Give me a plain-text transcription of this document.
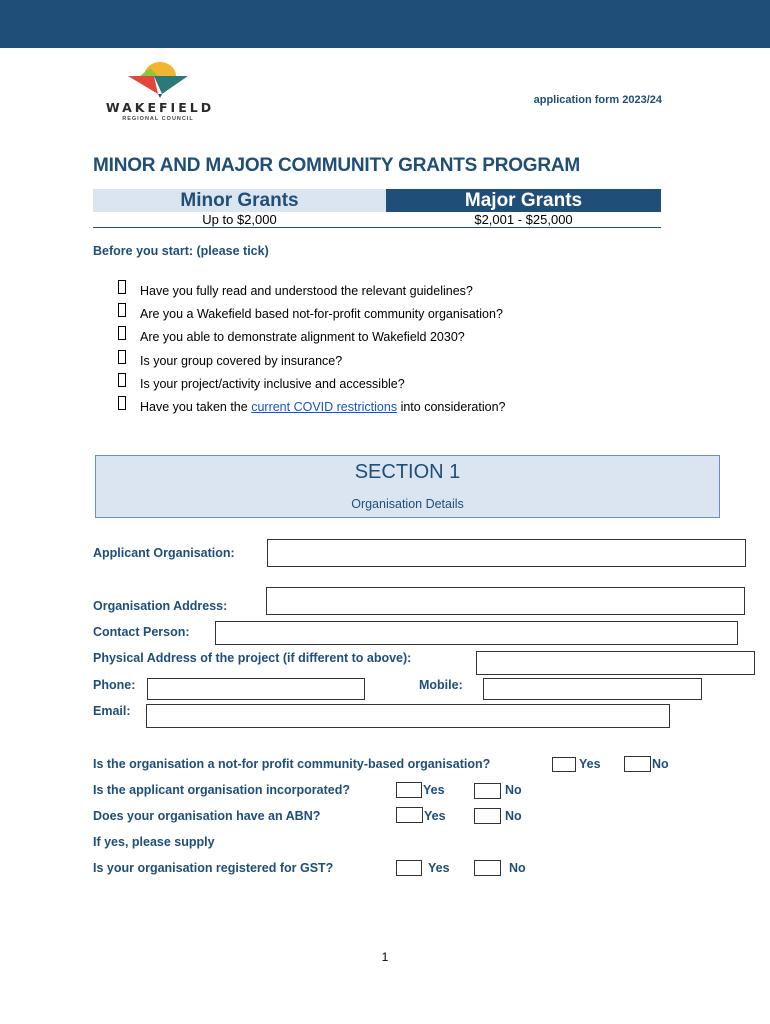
WAKEFIELD
REGIONAL COUNCIL
application form 2023/24
MINOR AND MAJOR COMMUNITY GRANTS PROGRAM
Minor Grants	Major Grants
Up to $2,000	$2,001 - $25,000
Before you start: (please tick)
Have you fully read and understood the relevant guidelines?
Are you a Wakefield based not-for-profit community organisation?
Are you able to demonstrate alignment to Wakefield 2030?
Is your group covered by insurance?
Is your project/activity inclusive and accessible?
Have you taken the current COVID restrictions into consideration?
SECTION 1
Organisation Details
Applicant Organisation:
Organisation Address:
Contact Person:
Physical Address of the project (if different to above):
Phone:	Mobile:
Email:
Is the organisation a not-for profit community-based organisation?	Yes	No
Is the applicant organisation incorporated?	Yes	No
Does your organisation have an ABN?	Yes	No
If yes, please supply
Is your organisation registered for GST?	Yes	No
1
